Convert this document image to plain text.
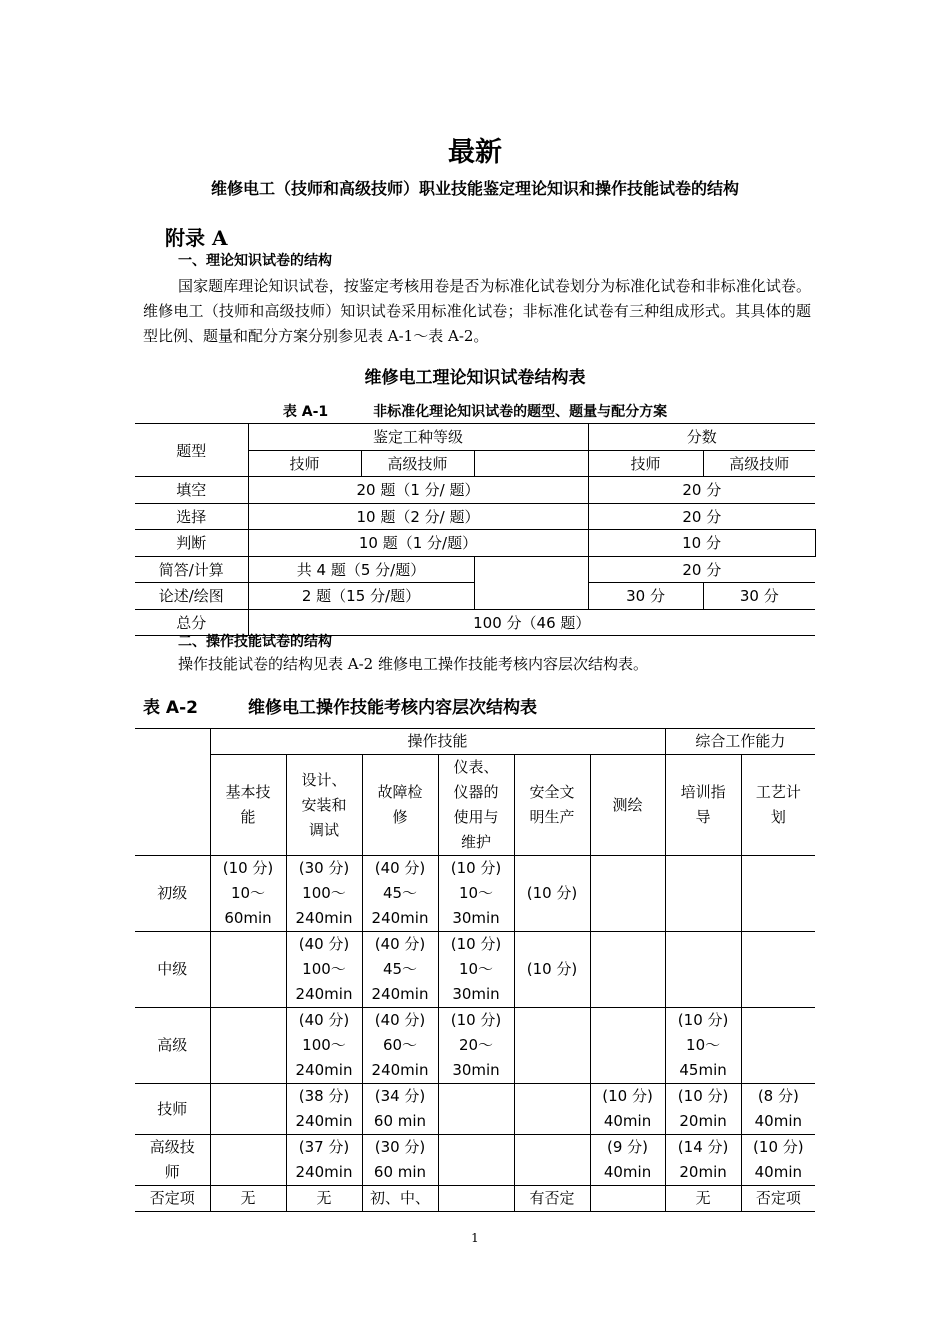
最新
维修电工（技师和高级技师）职业技能鉴定理论知识和操作技能试卷的结构
附录 A
一、理论知识试卷的结构
国家题库理论知识试卷，按鉴定考核用卷是否为标准化试卷划分为标准化试卷和非标准化试卷。维修电工（技师和高级技师）知识试卷采用标准化试卷；非标准化试卷有三种组成形式。其具体的题型比例、题量和配分方案分别参见表 A-1～表 A-2。
维修电工理论知识试卷结构表
表 A-1	非标准化理论知识试卷的题型、题量与配分方案
题型	鉴定工种等级			分数	
	技师	高级技师		技师	高级技师
填空	20 题（1 分/ 题）			20 分	
选择	10 题（2 分/ 题）			20 分	
判断	10 题（1 分/题）			10 分	
简答/计算	共 4 题（5 分/题）			20 分	
论述/绘图	2 题（15 分/题）			30 分	30 分
总分	100 分（46 题）				
二、操作技能试卷的结构
操作技能试卷的结构见表 A-2 维修电工操作技能考核内容层次结构表。
表 A-2	维修电工操作技能考核内容层次结构表
	操作技能						综合工作能力	
	基本技
能	设计、
安装和
调试	故障检
修	仪表、
仪器的
使用与
维护	安全文
明生产	测绘	培训指
导	工艺计
划
初级	(10 分)
10～
60min	(30 分)
100～
240min	(40 分)
45～
240min	(10 分)
10～
30min	(10 分)			
中级		(40 分)
100～
240min	(40 分)
45～
240min	(10 分)
10～
30min	(10 分)			
高级		(40 分)
100～
240min	(40 分)
60～
240min	(10 分)
20～
30min			(10 分)
10～
45min	
技师		(38 分)
240min	(34 分)
60 min			(10 分)
40min	(10 分)
20min	(8 分)
40min
高级技
师		(37 分)
240min	(30 分)
60 min			(9 分)
40min	(14 分)
20min	(10 分)
40min
否定项	无	无	初、中、		有否定		无	否定项
1
